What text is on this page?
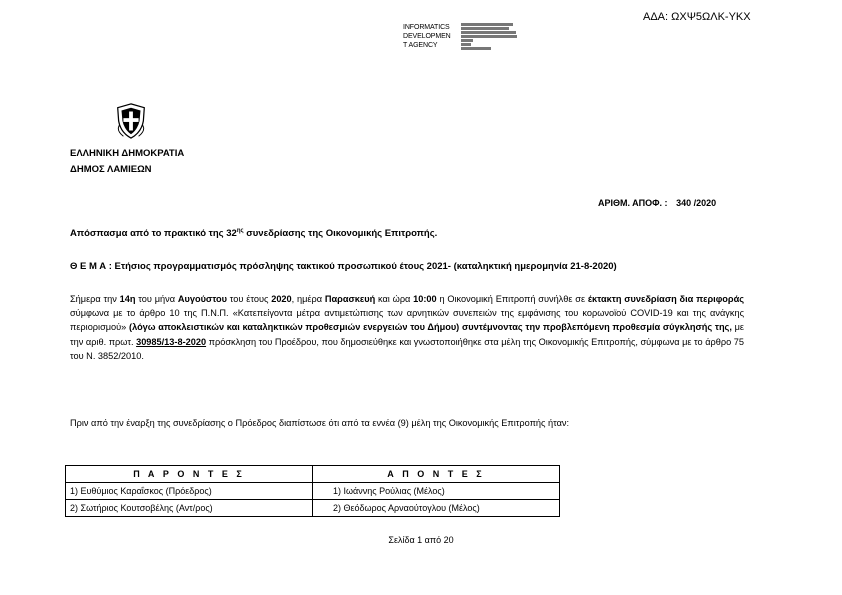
ΑΔΑ: ΩΧΨ5ΩΛΚ-ΥΚΧ
INFORMATICS
DEVELOPMEN
T AGENCY
ΕΛΛΗΝΙΚΗ ΔΗΜΟΚΡΑΤΙΑ
ΔΗΜΟΣ ΛΑΜΙΕΩΝ
ΑΡΙΘΜ. ΑΠΟΦ. : 340 /2020
Απόσπασμα από το πρακτικό της $32^{\eta\varsigma}$ συνεδρίασης της Οικονομικής Επιτροπής.
Θ Ε Μ Α : Ετήσιος προγραμματισμός πρόσληψης τακτικού προσωπικού έτους 2021- (καταληκτική ημερομηνία 21-8-2020)
Σήμερα την 14η του μήνα Αυγούστου του έτους 2020, ημέρα Παρασκευή και ώρα 10:00 η Οικονομική Επιτροπή συνήλθε σε έκτακτη συνεδρίαση δια περιφοράς σύμφωνα με το άρθρο 10 της Π.Ν.Π. «Κατεπείγοντα μέτρα αντιμετώπισης των αρνητικών συνεπειών της εμφάνισης του κορωνοϊού COVID-19 και της ανάγκης περιορισμού» (λόγω αποκλειστικών και καταληκτικών προθεσμιών ενεργειών του Δήμου) συντέμνοντας την προβλεπόμενη προθεσμία σύγκλησής της, με την αριθ. πρωτ. 30985/13-8-2020 πρόσκληση του Προέδρου, που δημοσιεύθηκε και γνωστοποιήθηκε στα μέλη της Οικονομικής Επιτροπής, σύμφωνα με το άρθρο 75 του Ν. 3852/2010.
Πριν από την έναρξη της συνεδρίασης ο Πρόεδρος διαπίστωσε ότι από τα εννέα (9) μέλη της Οικονομικής Επιτροπής ήταν:
Π Α Ρ Ο Ν Τ Ε Σ	Α Π Ο Ν Τ Ε Σ
1) Ευθύμιος Καραΐσκος (Πρόεδρος)	1) Ιωάννης Ρούλιας (Μέλος)
2) Σωτήριος Κουτσοβέλης (Αντ/ρος)	2) Θεόδωρος Αρναούτογλου (Μέλος)
Σελίδα 1 από 20
